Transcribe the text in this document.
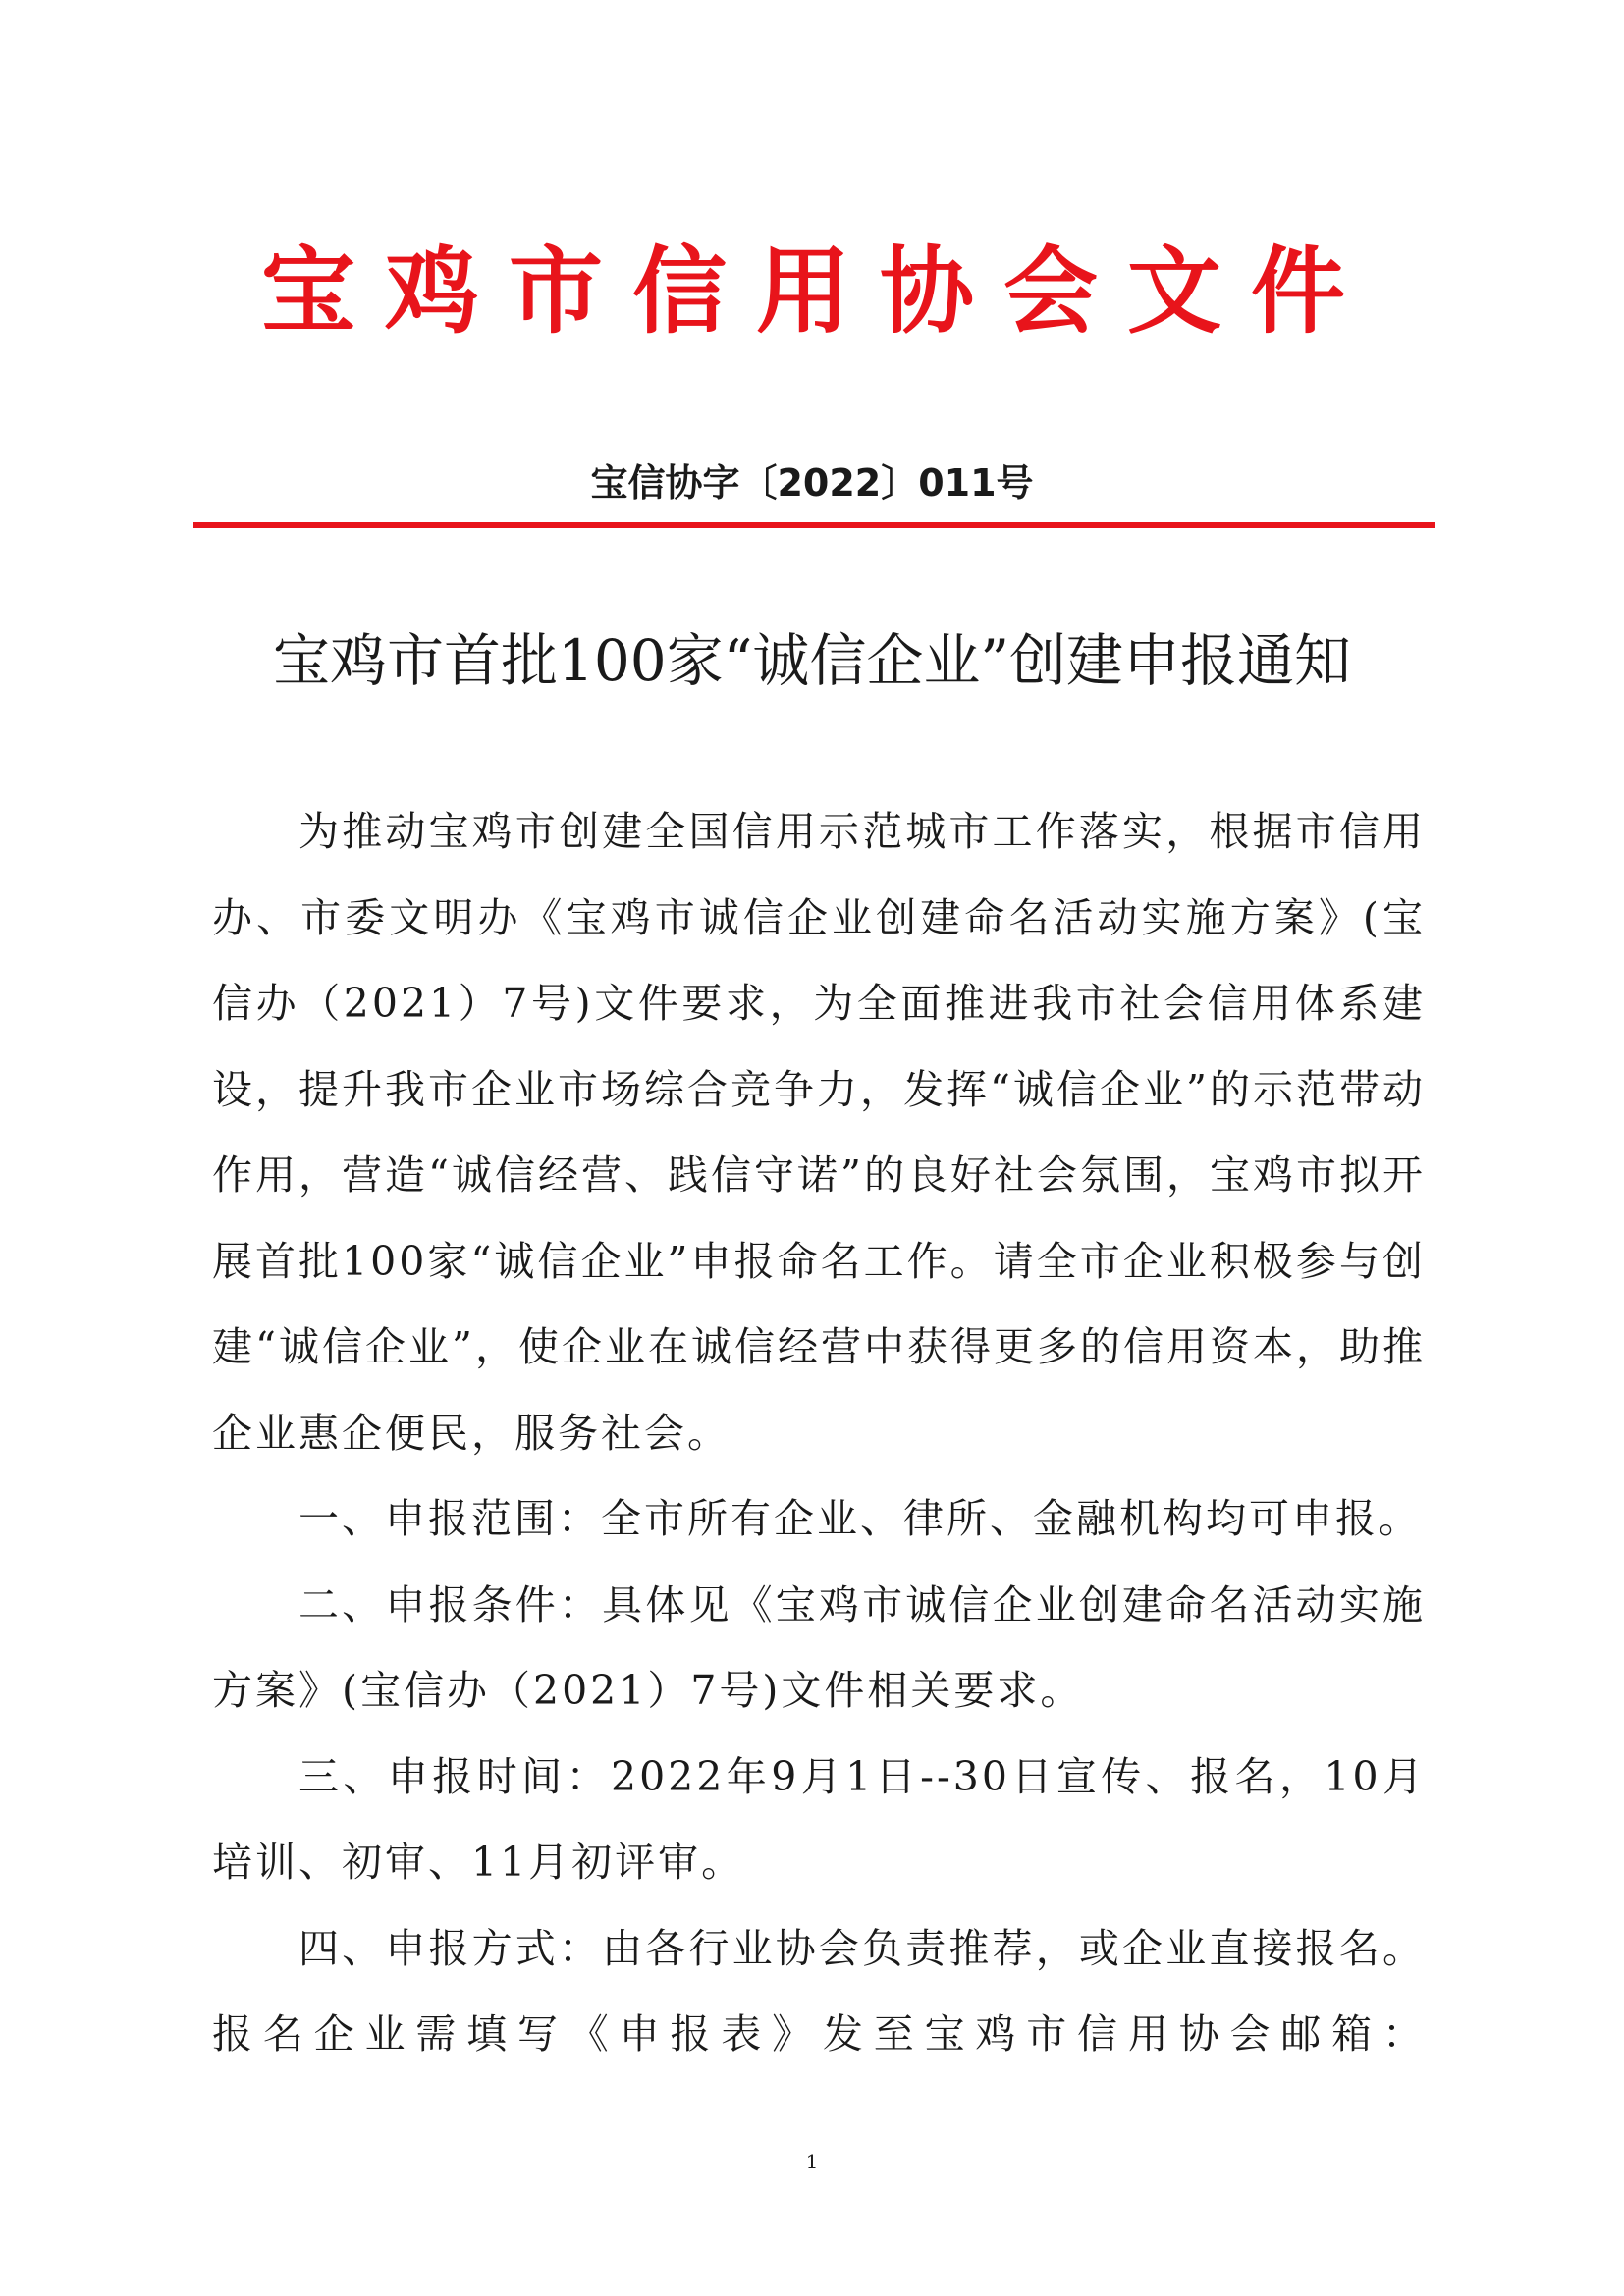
宝鸡市信用协会文件
宝信协字〔2022〕011号
宝鸡市首批100家“诚信企业”创建申报通知

为推动宝鸡市创建全国信用示范城市工作落实，根据市信用办、市委文明办《宝鸡市诚信企业创建命名活动实施方案》(宝信办（2021）7号)文件要求，为全面推进我市社会信用体系建设，提升我市企业市场综合竞争力，发挥“诚信企业”的示范带动作用，营造“诚信经营、践信守诺”的良好社会氛围，宝鸡市拟开展首批100家“诚信企业”申报命名工作。请全市企业积极参与创建“诚信企业”，使企业在诚信经营中获得更多的信用资本，助推企业惠企便民，服务社会。

一、申报范围：全市所有企业、律所、金融机构均可申报。

二、申报条件：具体见《宝鸡市诚信企业创建命名活动实施方案》(宝信办（2021）7号)文件相关要求。

三、申报时间：2022年9月1日--30日宣传、报名，10月培训、初审、11月初评审。

四、申报方式：由各行业协会负责推荐，或企业直接报名。报名企业需填写《申报表》发至宝鸡市信用协会邮箱：

1
